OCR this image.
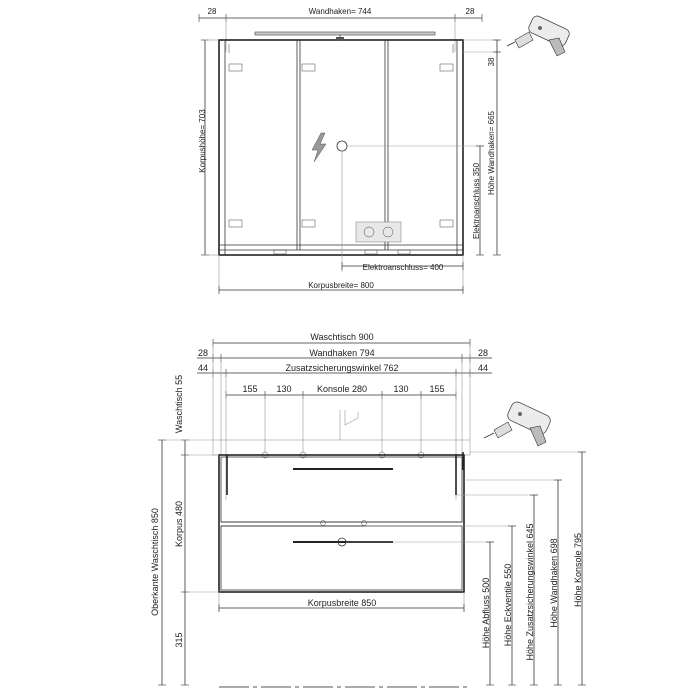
28	Wandhaken= 744	28
38
Höhe Wandhaken= 665
Elektroanschluss 350
Korpushöhe= 703
Elektroanschluss= 400
Korpusbreite= 800
Waschtisch 900
28	Wandhaken 794	28
44	Zusatzsicherungswinkel 762	44
155 130	Konsole 280	130 155
Waschtisch 55
Korpus 480
315
Oberkante Waschtisch 850	Korpusbreite 850	Höhe Abfluss 500 Höhe Eckventile 550 Höhe Zusatzsicherungswinkel 645 Höhe Wandhaken 698 Höhe Konsole 795
